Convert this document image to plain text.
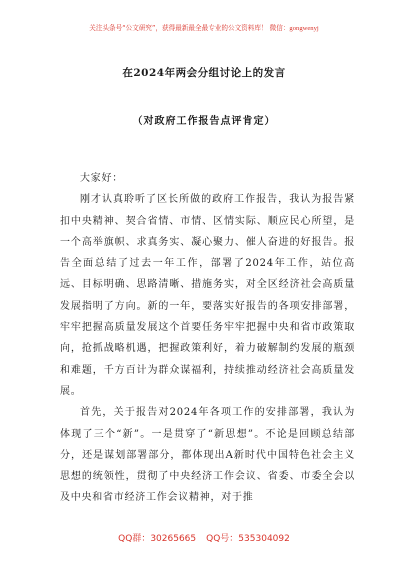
关注头条号“公文研究”，获得最新最全最专业的公文资料库！ 微信：gongwenyj
在2024年两会分组讨论上的发言
（对政府工作报告点评肯定）

大家好：

刚才认真聆听了区长所做的政府工作报告，我认为报告紧扣中央精神、契合省情、市情、区情实际、顺应民心所望，是一个高举旗帜、求真务实、凝心聚力、催人奋进的好报告。报告全面总结了过去一年工作，部署了2024年工作，站位高远、目标明确、思路清晰、措施务实，对全区经济社会高质量发展指明了方向。新的一年，要落实好报告的各项安排部署，牢牢把握高质量发展这个首要任务牢牢把握中央和省市政策取向，抢抓战略机遇，把握政策利好，着力破解制约发展的瓶颈和难题，千方百计为群众谋福利，持续推动经济社会高质量发展。

首先，关于报告对2024年各项工作的安排部署，我认为体现了三个“新”。一是贯穿了“新思想”。不论是回顾总结部分，还是谋划部署部分，都体现出A新时代中国特色社会主义思想的统领性，贯彻了中央经济工作会议、省委、市委全会以及中央和省市经济工作会议精神，对于推

QQ群：30265665 QQ号：535304092
